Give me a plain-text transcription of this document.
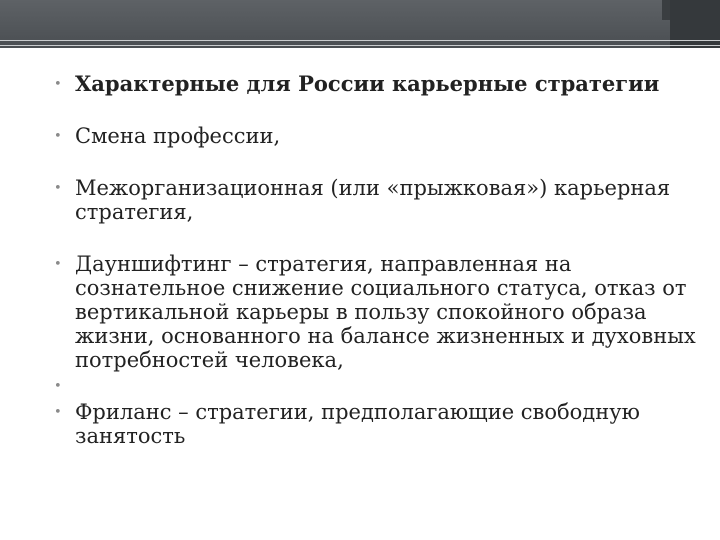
• Характерные для России карьерные стратегии
• Смена профессии,
• Межорганизационная (или «прыжковая») карьерная стратегия,
• Дауншифтинг – стратегия, направленная на сознательное снижение социального статуса, отказ от вертикальной карьеры в пользу спокойного образа жизни, основанного на балансе жизненных и духовных потребностей человека,
•
• Фриланс – стратегии, предполагающие свободную занятость
